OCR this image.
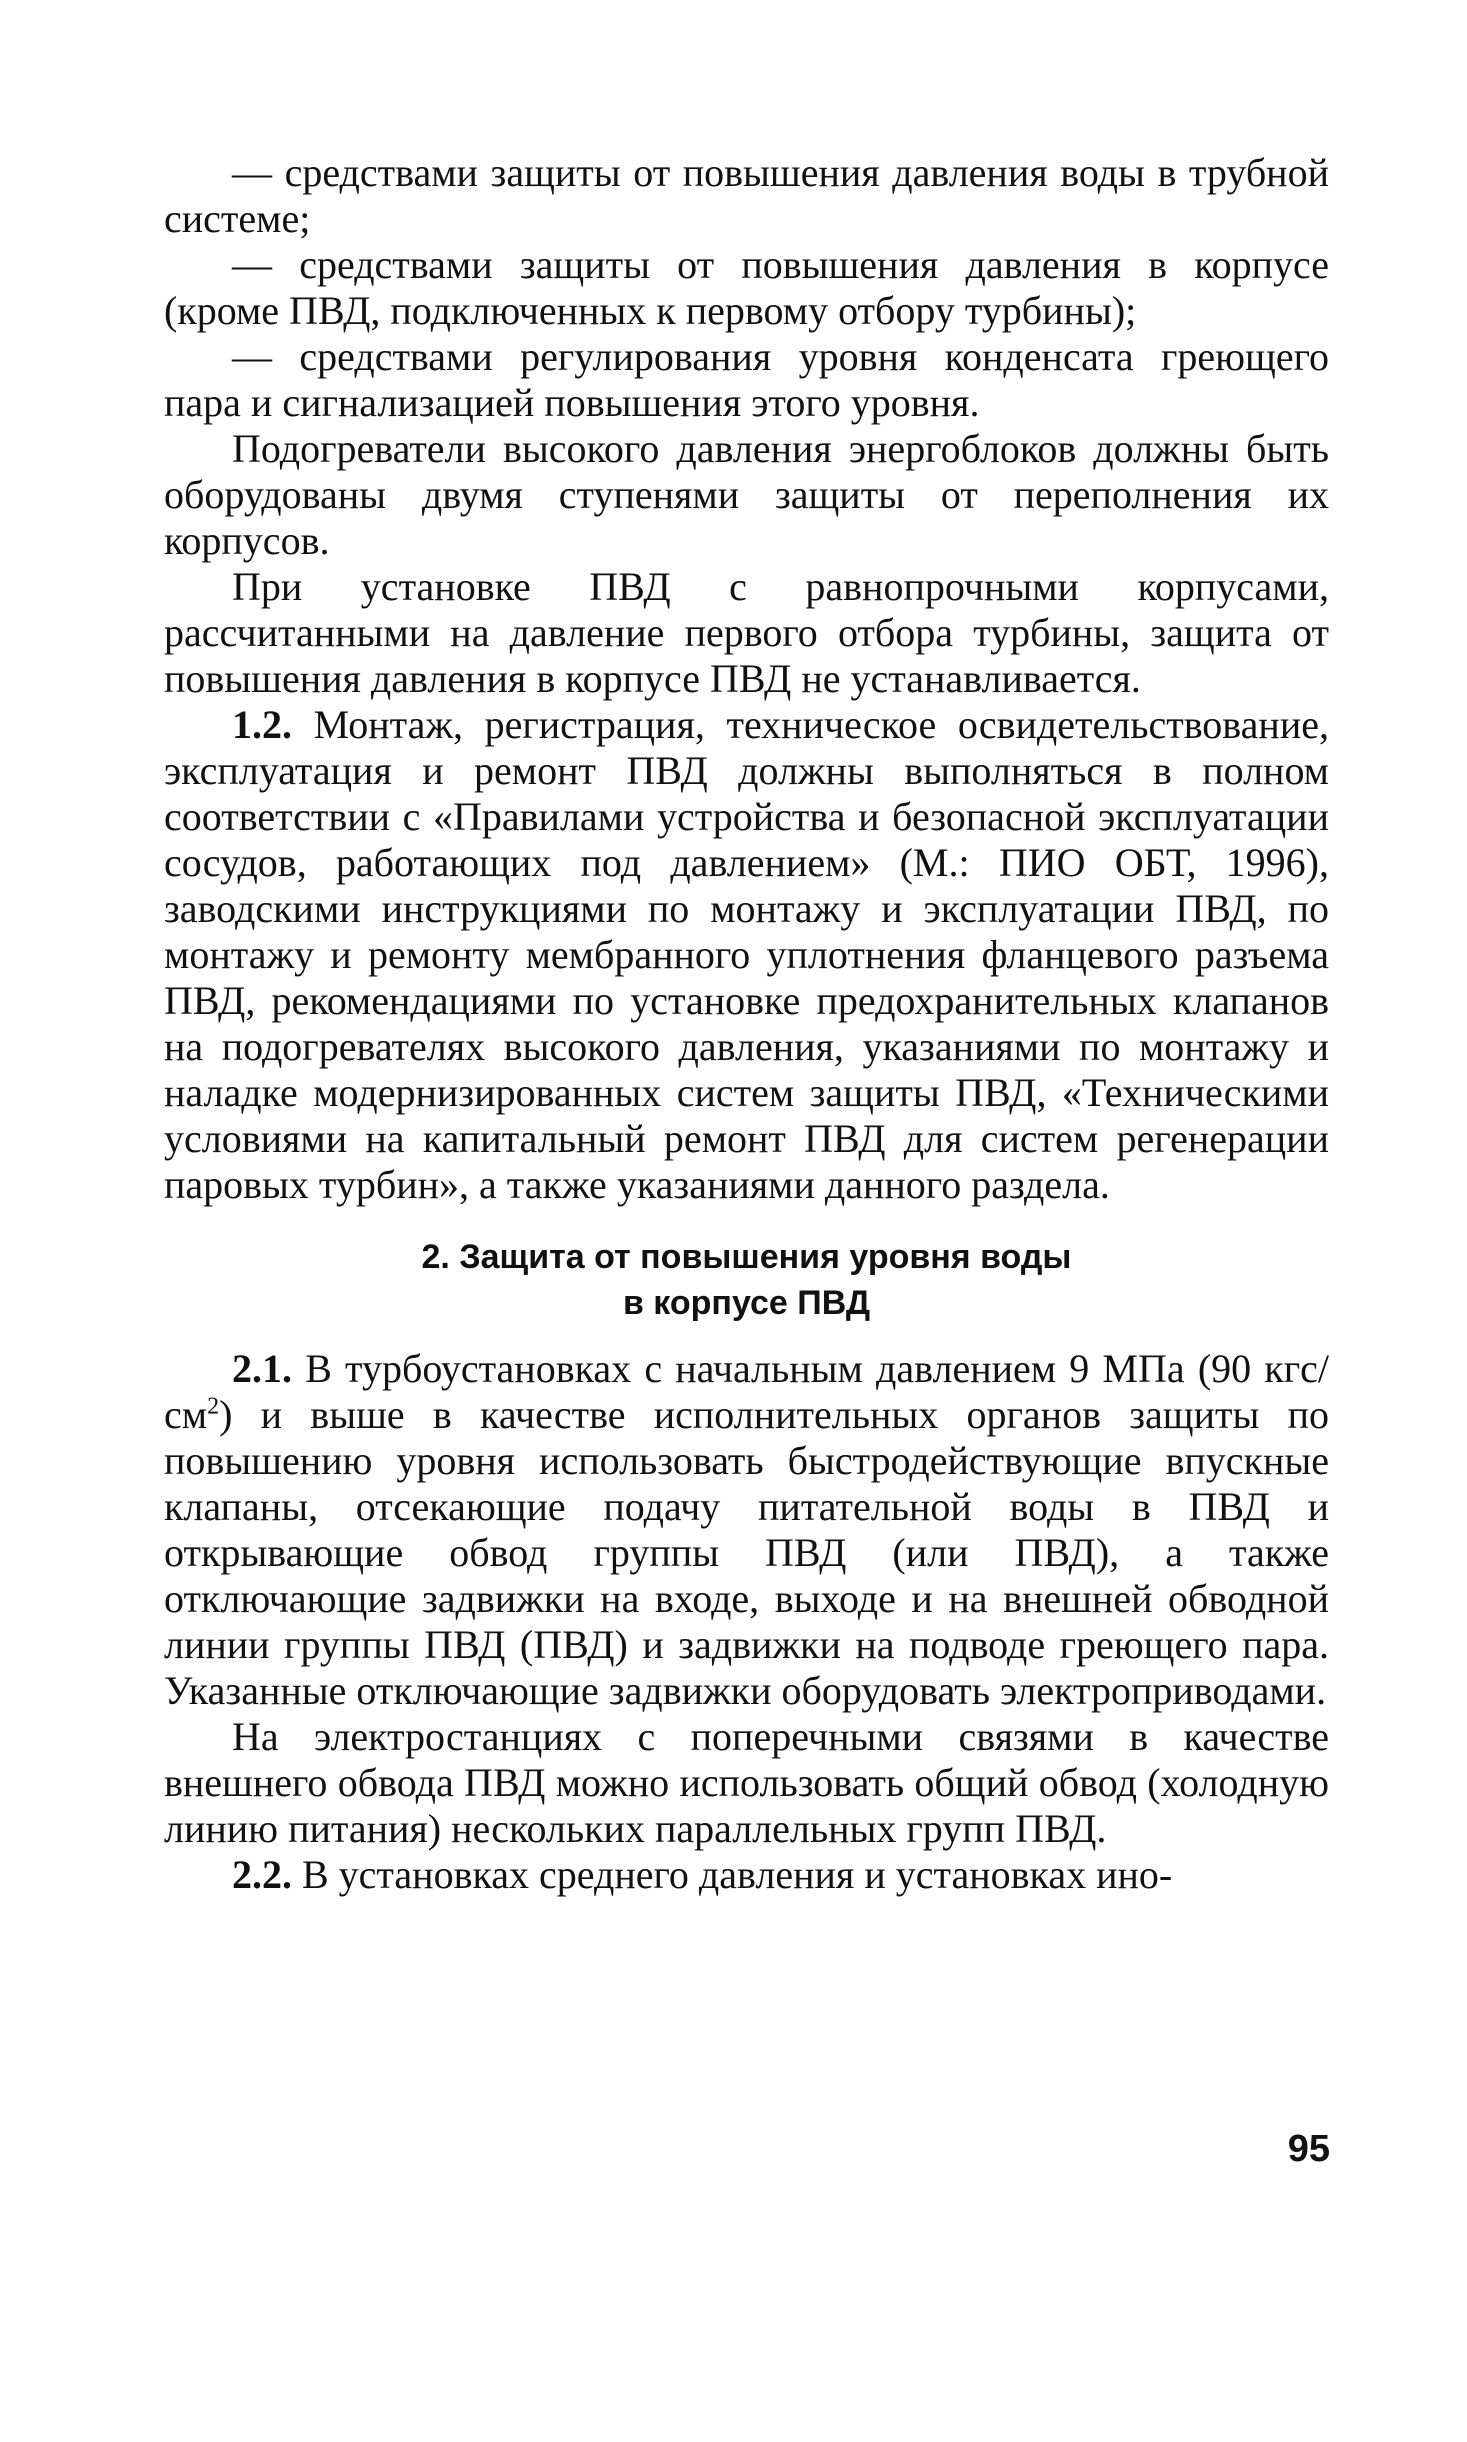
— средствами защиты от повышения давления воды в трубной системе;

— средствами защиты от повышения давления в корпусе (кроме ПВД, подключенных к первому отбору турбины);

— средствами регулирования уровня конденсата греющего пара и сигнализацией повышения этого уровня.

Подогреватели высокого давления энергоблоков должны быть оборудованы двумя ступенями защиты от переполнения их корпусов.

При установке ПВД с равнопрочными корпусами, рассчитанными на давление первого отбора турбины, защита от повышения давления в корпусе ПВД не устанавливается.

1.2. Монтаж, регистрация, техническое освидетельствование, эксплуатация и ремонт ПВД должны выполняться в полном соответствии с «Правилами устройства и безопасной эксплуатации сосудов, работающих под давлением» (М.: ПИО ОБТ, 1996), заводскими инструкциями по монтажу и эксплуатации ПВД, по монтажу и ремонту мембранного уплотнения фланцевого разъема ПВД, рекомендациями по установке предохранительных клапанов на подогревателях высокого давления, указаниями по монтажу и наладке модернизированных систем защиты ПВД, «Техническими условиями на капитальный ремонт ПВД для систем регенерации паровых турбин», а также указаниями данного раздела.

2. Защита от повышения уровня воды
в корпусе ПВД

2.1. В турбоустановках с начальным давлением 9 МПа (90 кгс/$см^2$) и выше в качестве исполнительных органов защиты по повышению уровня использовать быстродействующие впускные клапаны, отсекающие подачу питательной воды в ПВД и открывающие обвод группы ПВД (или ПВД), а также отключающие задвижки на входе, выходе и на внешней обводной линии группы ПВД (ПВД) и задвижки на подводе греющего пара. Указанные отключающие задвижки оборудовать электроприводами.

На электростанциях с поперечными связями в качестве внешнего обвода ПВД можно использовать общий обвод (холодную линию питания) нескольких параллельных групп ПВД.

2.2. В установках среднего давления и установках ино-

95
